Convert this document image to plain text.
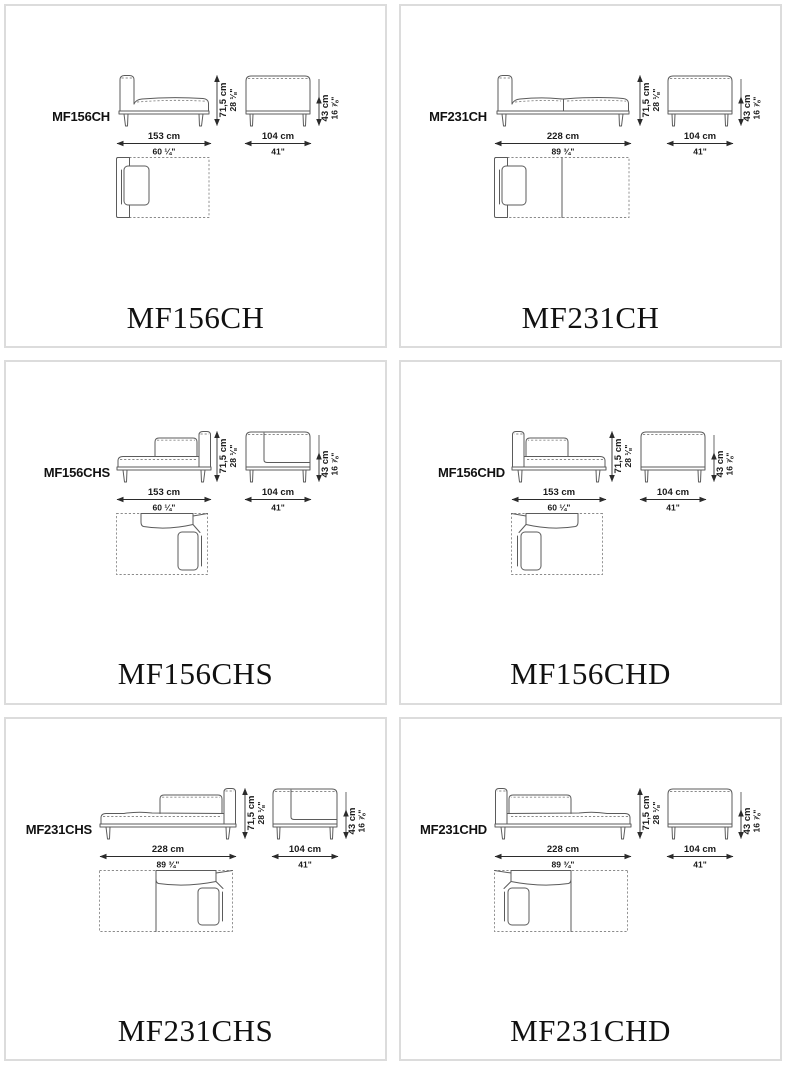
MF156CH	71,5 cm 28 ⅛"	43 cm
16 ⅞"
153 cm
60 ¼"
104 cm
41"
MF156CH
MF231CH	71,5 cm 28 ⅛"	43 cm
16 ⅞"
228 cm
89 ¾"
104 cm
41"
MF231CH
MF156CHS	71,5 cm 28 ⅛"	43 cm
16 ⅞"
153 cm
60 ¼"
104 cm
41"
MF156CHS
MF156CHD	71,5 cm 28 ⅛"	43 cm
16 ⅞"
153 cm
60 ¼"
104 cm
41"
MF156CHD
MF231CHS	71,5 cm 28 ⅛"	43 cm
16 ⅞"
228 cm
89 ¾"
104 cm
41"
MF231CHS
MF231CHD	71,5 cm 28 ⅛"	43 cm
16 ⅞"
228 cm
89 ¾"
104 cm
41"
MF231CHD
